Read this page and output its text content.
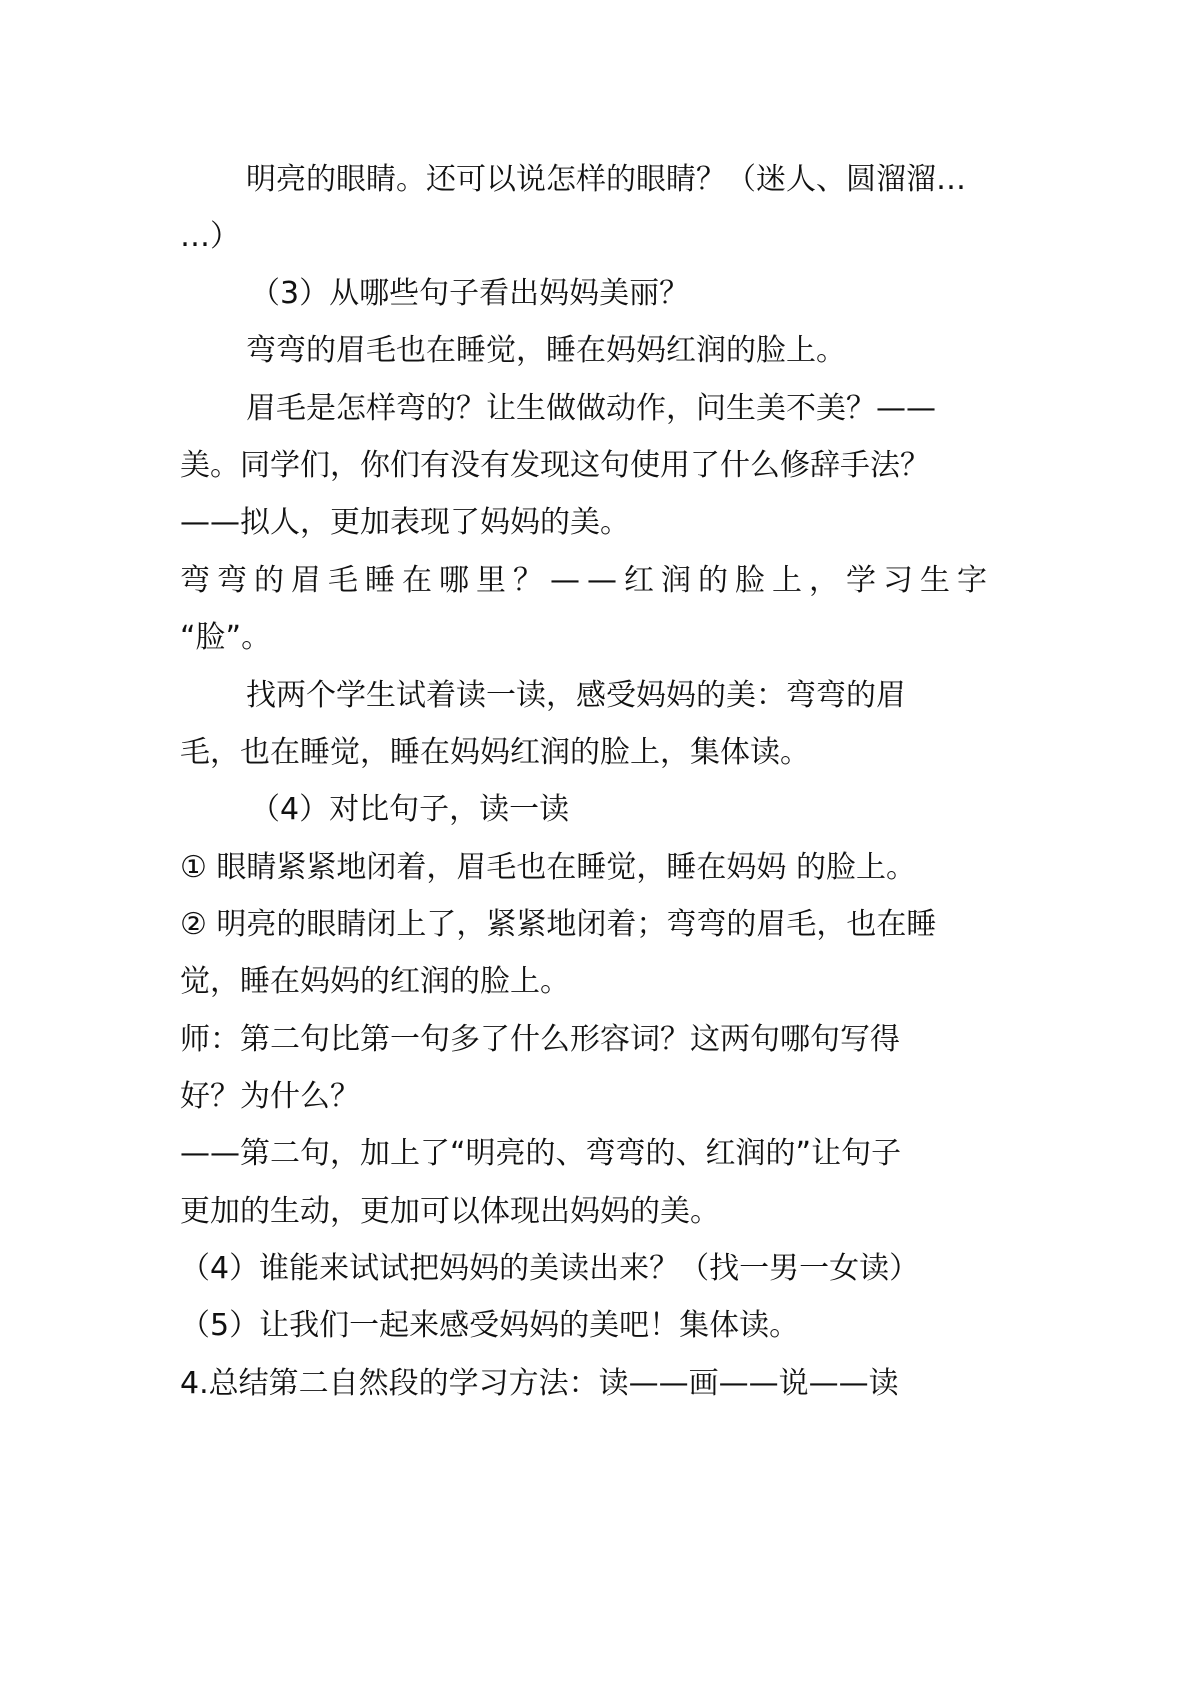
明亮的眼睛。还可以说怎样的眼睛？（迷人、圆溜溜…
…）
（3）从哪些句子看出妈妈美丽？
弯弯的眉毛也在睡觉，睡在妈妈红润的脸上。
眉毛是怎样弯的？让生做做动作，问生美不美？——
美。同学们，你们有没有发现这句使用了什么修辞手法？
——拟人，更加表现了妈妈的美。
弯弯的眉毛睡在哪里？——红润的脸上，学习生字
“脸”。
找两个学生试着读一读，感受妈妈的美：弯弯的眉
毛，也在睡觉，睡在妈妈红润的脸上，集体读。
（4）对比句子，读一读
① 眼睛紧紧地闭着，眉毛也在睡觉，睡在妈妈 的脸上。
② 明亮的眼睛闭上了，紧紧地闭着；弯弯的眉毛，也在睡
觉，睡在妈妈的红润的脸上。
师：第二句比第一句多了什么形容词？这两句哪句写得
好？为什么？
——第二句，加上了“明亮的、弯弯的、红润的”让句子
更加的生动，更加可以体现出妈妈的美。
（4）谁能来试试把妈妈的美读出来？（找一男一女读）
（5）让我们一起来感受妈妈的美吧！集体读。
4.总结第二自然段的学习方法：读——画——说——读
